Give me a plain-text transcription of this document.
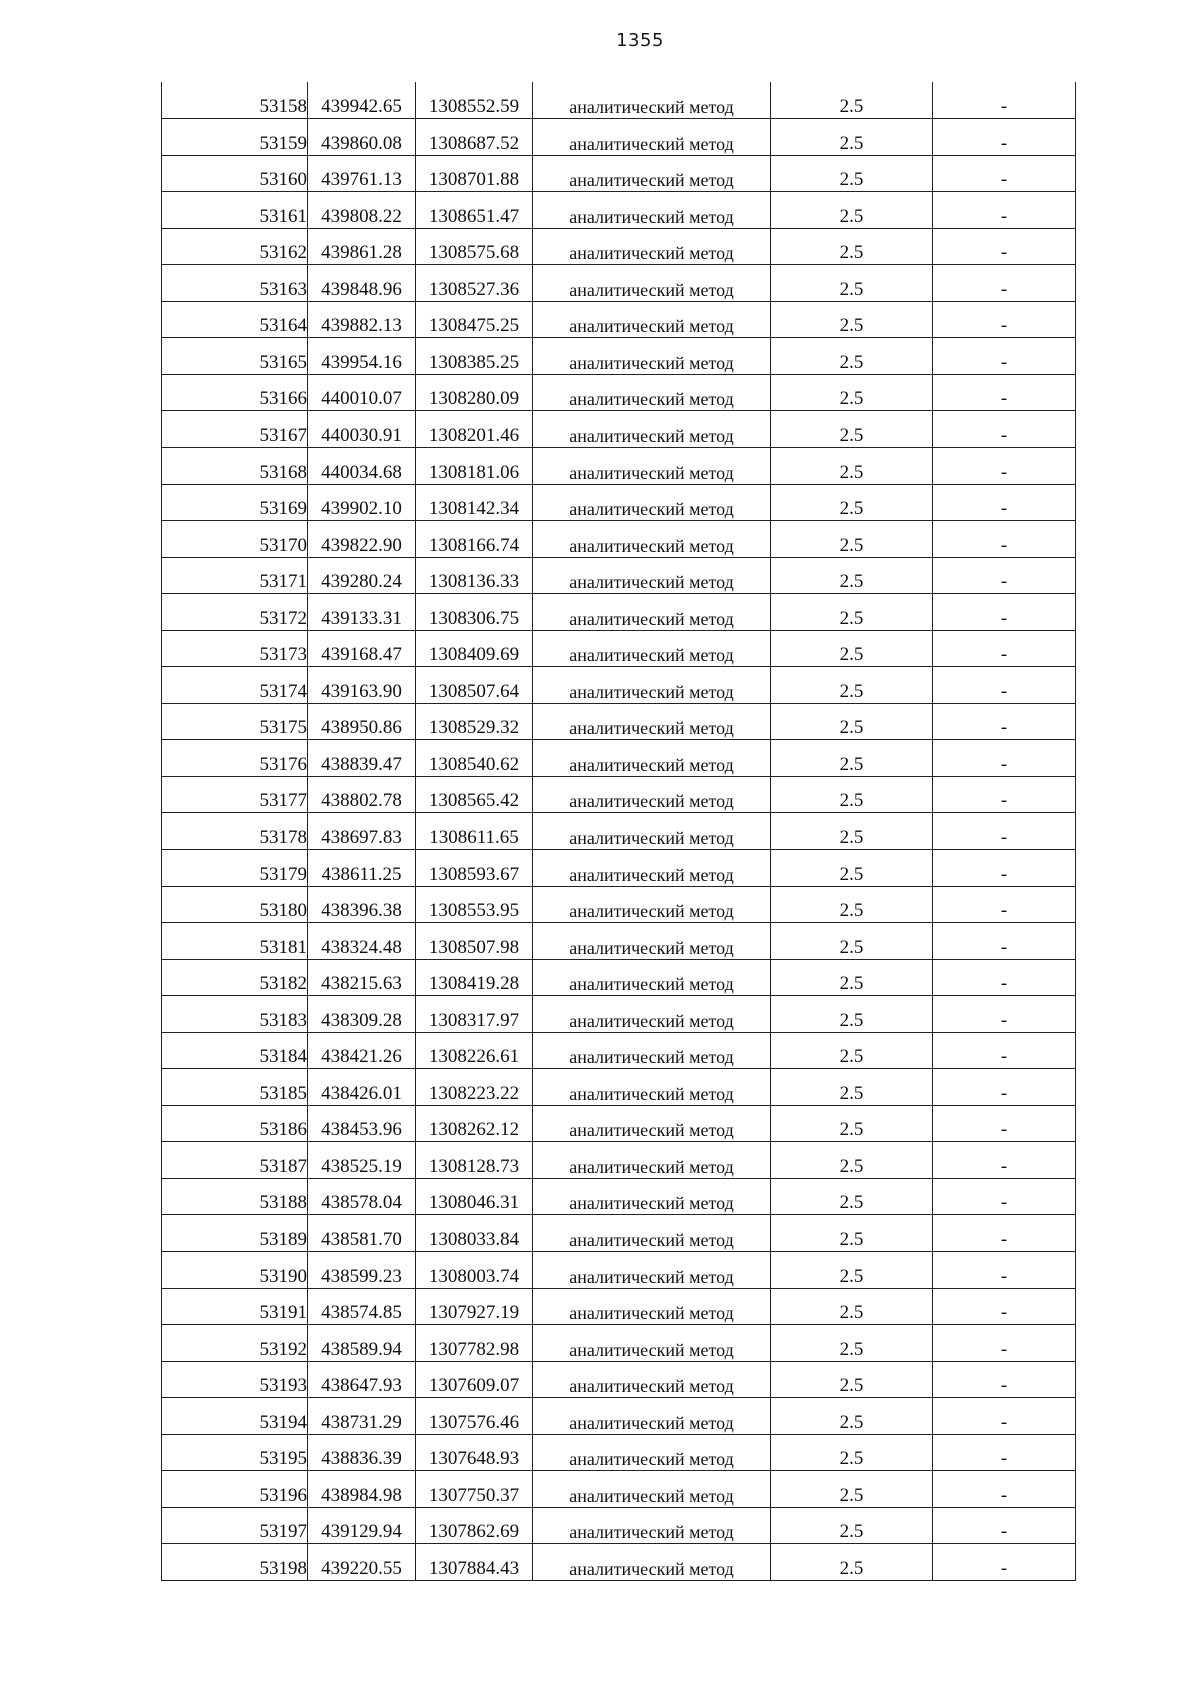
1355
53158	439942.65	1308552.59	аналитический метод	2.5	-
53159	439860.08	1308687.52	аналитический метод	2.5	-
53160	439761.13	1308701.88	аналитический метод	2.5	-
53161	439808.22	1308651.47	аналитический метод	2.5	-
53162	439861.28	1308575.68	аналитический метод	2.5	-
53163	439848.96	1308527.36	аналитический метод	2.5	-
53164	439882.13	1308475.25	аналитический метод	2.5	-
53165	439954.16	1308385.25	аналитический метод	2.5	-
53166	440010.07	1308280.09	аналитический метод	2.5	-
53167	440030.91	1308201.46	аналитический метод	2.5	-
53168	440034.68	1308181.06	аналитический метод	2.5	-
53169	439902.10	1308142.34	аналитический метод	2.5	-
53170	439822.90	1308166.74	аналитический метод	2.5	-
53171	439280.24	1308136.33	аналитический метод	2.5	-
53172	439133.31	1308306.75	аналитический метод	2.5	-
53173	439168.47	1308409.69	аналитический метод	2.5	-
53174	439163.90	1308507.64	аналитический метод	2.5	-
53175	438950.86	1308529.32	аналитический метод	2.5	-
53176	438839.47	1308540.62	аналитический метод	2.5	-
53177	438802.78	1308565.42	аналитический метод	2.5	-
53178	438697.83	1308611.65	аналитический метод	2.5	-
53179	438611.25	1308593.67	аналитический метод	2.5	-
53180	438396.38	1308553.95	аналитический метод	2.5	-
53181	438324.48	1308507.98	аналитический метод	2.5	-
53182	438215.63	1308419.28	аналитический метод	2.5	-
53183	438309.28	1308317.97	аналитический метод	2.5	-
53184	438421.26	1308226.61	аналитический метод	2.5	-
53185	438426.01	1308223.22	аналитический метод	2.5	-
53186	438453.96	1308262.12	аналитический метод	2.5	-
53187	438525.19	1308128.73	аналитический метод	2.5	-
53188	438578.04	1308046.31	аналитический метод	2.5	-
53189	438581.70	1308033.84	аналитический метод	2.5	-
53190	438599.23	1308003.74	аналитический метод	2.5	-
53191	438574.85	1307927.19	аналитический метод	2.5	-
53192	438589.94	1307782.98	аналитический метод	2.5	-
53193	438647.93	1307609.07	аналитический метод	2.5	-
53194	438731.29	1307576.46	аналитический метод	2.5	-
53195	438836.39	1307648.93	аналитический метод	2.5	-
53196	438984.98	1307750.37	аналитический метод	2.5	-
53197	439129.94	1307862.69	аналитический метод	2.5	-
53198	439220.55	1307884.43	аналитический метод	2.5	-
